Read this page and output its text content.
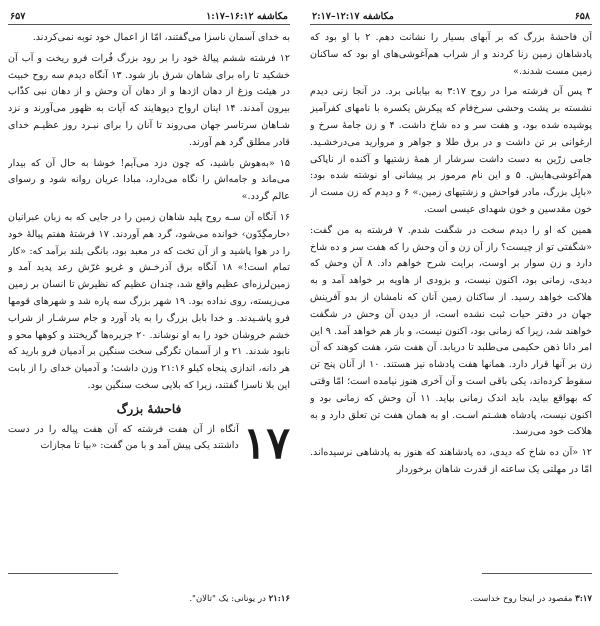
مکاشفه ۱۶:۱۲–۱:۱۷
۶۵۷

به خدای آسمان ناسزا می‌گفتند، امّا از اعمال خود توبه نمی‌کردند.

۱۲ فرشته ششم پیالهٔ خود را بر رود بزرگ فُرات فرو ریخت و آب آن خشکید تا راه برای شاهان شرق باز شود. ۱۳ آنگاه دیدم سه روح خبیث در هیئت وزغ از دهان اژدها و از دهان آن وحش و از دهان نبی کذّاب بیرون آمدند. ۱۴ اینان ارواح دیوهایند که آیات به ظهور می‌آورند و نزد شـاهان سرتاسر جهان می‌روند تا آنان را برای نبـرد روز عظیـم خدای قادر مطلق گرد هم آورند.

۱۵ «به‌هوش باشید، که چون دزد می‌آیم! خوشا به حال آن که بیدار می‌ماند و جامه‌اش را نگاه می‌دارد، مبادا عریان روانه شود و رسوای عالم گردد.»

۱۶ آنگاه آن سـه روح پلید شاهان زمین را در جایی که به زبان عبرانیان ‹حارمگِدّون› خوانده می‌شود، گرد هم آوردند. ۱۷ فرشتهٔ هفتم پیالهٔ خود را در هوا پاشید و از آن تخت که در معبد بود، بانگی بلند برآمد که: «کار تمام است!» ۱۸ آنگاه برق آذرخـش و غریو غرّش رعد پدید آمد و زمین‌لرزه‌ای عظیم واقع شد، چندان عظیم که نظیرش تا انسان بر زمین می‌زیسته، روی نداده بود. ۱۹ شهر بزرگ سه پاره شد و شهرهای قومها فرو پاشـیدند. و خدا بابل بزرگ را به یاد آورد و جام سرشـار از شراب خشم خروشان خود را به او نوشاند. ۲۰ جزیره‌ها گریختند و کوهها محو و نابود شدند. ۲۱ و از آسمان تگرگی سخت سنگین بر آدمیان فرو بارید که هر دانه، اندازی پنجاه کیلو ۲۱:۱۶ وزن داشت؛ و آدمیان خدای را از بابت این بلا ناسزا گفتند، زیرا که بلایی سخت سنگین بود.

فاحشهٔ بزرگ
۱۷
آنگاه از آن هفت فرشته که آن هفت پیاله را در دست داشتند یکی پیش آمد و با من گفت: «بیا تا مجازات
۲۱:۱۶ در یونانی: یک "تالان".
۶۵۸
مکاشفه ۱۲:۱۷–۲:۱۷

آن فاحشهٔ بزرگ که بر آبهای بسیار را نشانت دهم. ۲ با او بود که پادشاهان زمین زنا کردند و از شراب هم‌آغوشی‌های او بود که ساکنان زمین مست شدند.»

۳ پس آن فرشته مرا در روح ۳:۱۷ به بیابانی برد. در آنجا زنی دیدم نشسته بر پشت وحشی سرخ‌فام که پیکرش یکسره با نامهای کفرآمیز پوشیده شده بود، و هفت سر و ده شاخ داشت. ۴ و زن جامهٔ سرخ و ارغوانی بر تن داشت و در برق طلا و جواهر و مروارید می‌درخشـید. جامی زرّین به دست داشت سرشار از همهٔ زشتیها و آکنده از ناپاکی هم‌آغوشی‌هایش. ۵ و این نام مرموز بر پیشانی او نوشته شده بود: «بابِل بزرگ، مادر فواحش و زشتیهای زمین.» ۶ و دیدم که زن مست از خون مقدسین و خون شهدای عیسی است.

همین که او را دیدم سخت در شگفت شدم. ۷ فرشته به من گفت: «شگفتی تو از چیست؟ راز آن زن و آن وحش را که هفت سر و ده شاخ دارد و زن سوار بر اوست، برایت شرح خواهم داد. ۸ آن وحش که دیدی، زمانی بود، اکنون نیست، و بزودی از هاویه بر خواهد آمد و به هلاکت خواهد رسید. از ساکنان زمین آنان که نامشان از بدو آفرینش جهان در دفتر حیات ثبت نشده است، از دیدن آن وحش در شگفت خواهند شد، زیرا که زمانی بود، اکنون نیست، و باز هم خواهد آمد. ۹ این امر دانا ذهن حکیمی می‌طلبد تا دریابد. آن هفت سَر، هفت کوهند که آن زن بر آنها قرار دارد. همانها هفت پادشاه نیز هستند. ۱۰ از آنان پنج تن سقوط کرده‌اند، یکی باقی است و آن آخری هنوز نیامده است؛ امّا وقتی که بهواقع بیاید، باید اندک زمانی بپاید. ۱۱ آن وحش که زمانی بود و اکنون نیست، پادشاه هشـتم اسـت. او به همان هفت تن تعلق دارد و به هلاکت خود می‌رسد.

۱۲ «آن ده شاخ که دیدی، ده پادشاهند که هنوز به پادشاهی نرسیده‌اند. امّا در مهلتی یک ساعته از قدرت شاهان برخوردار

۳:۱۷ مقصود در اینجا روح خداست.
